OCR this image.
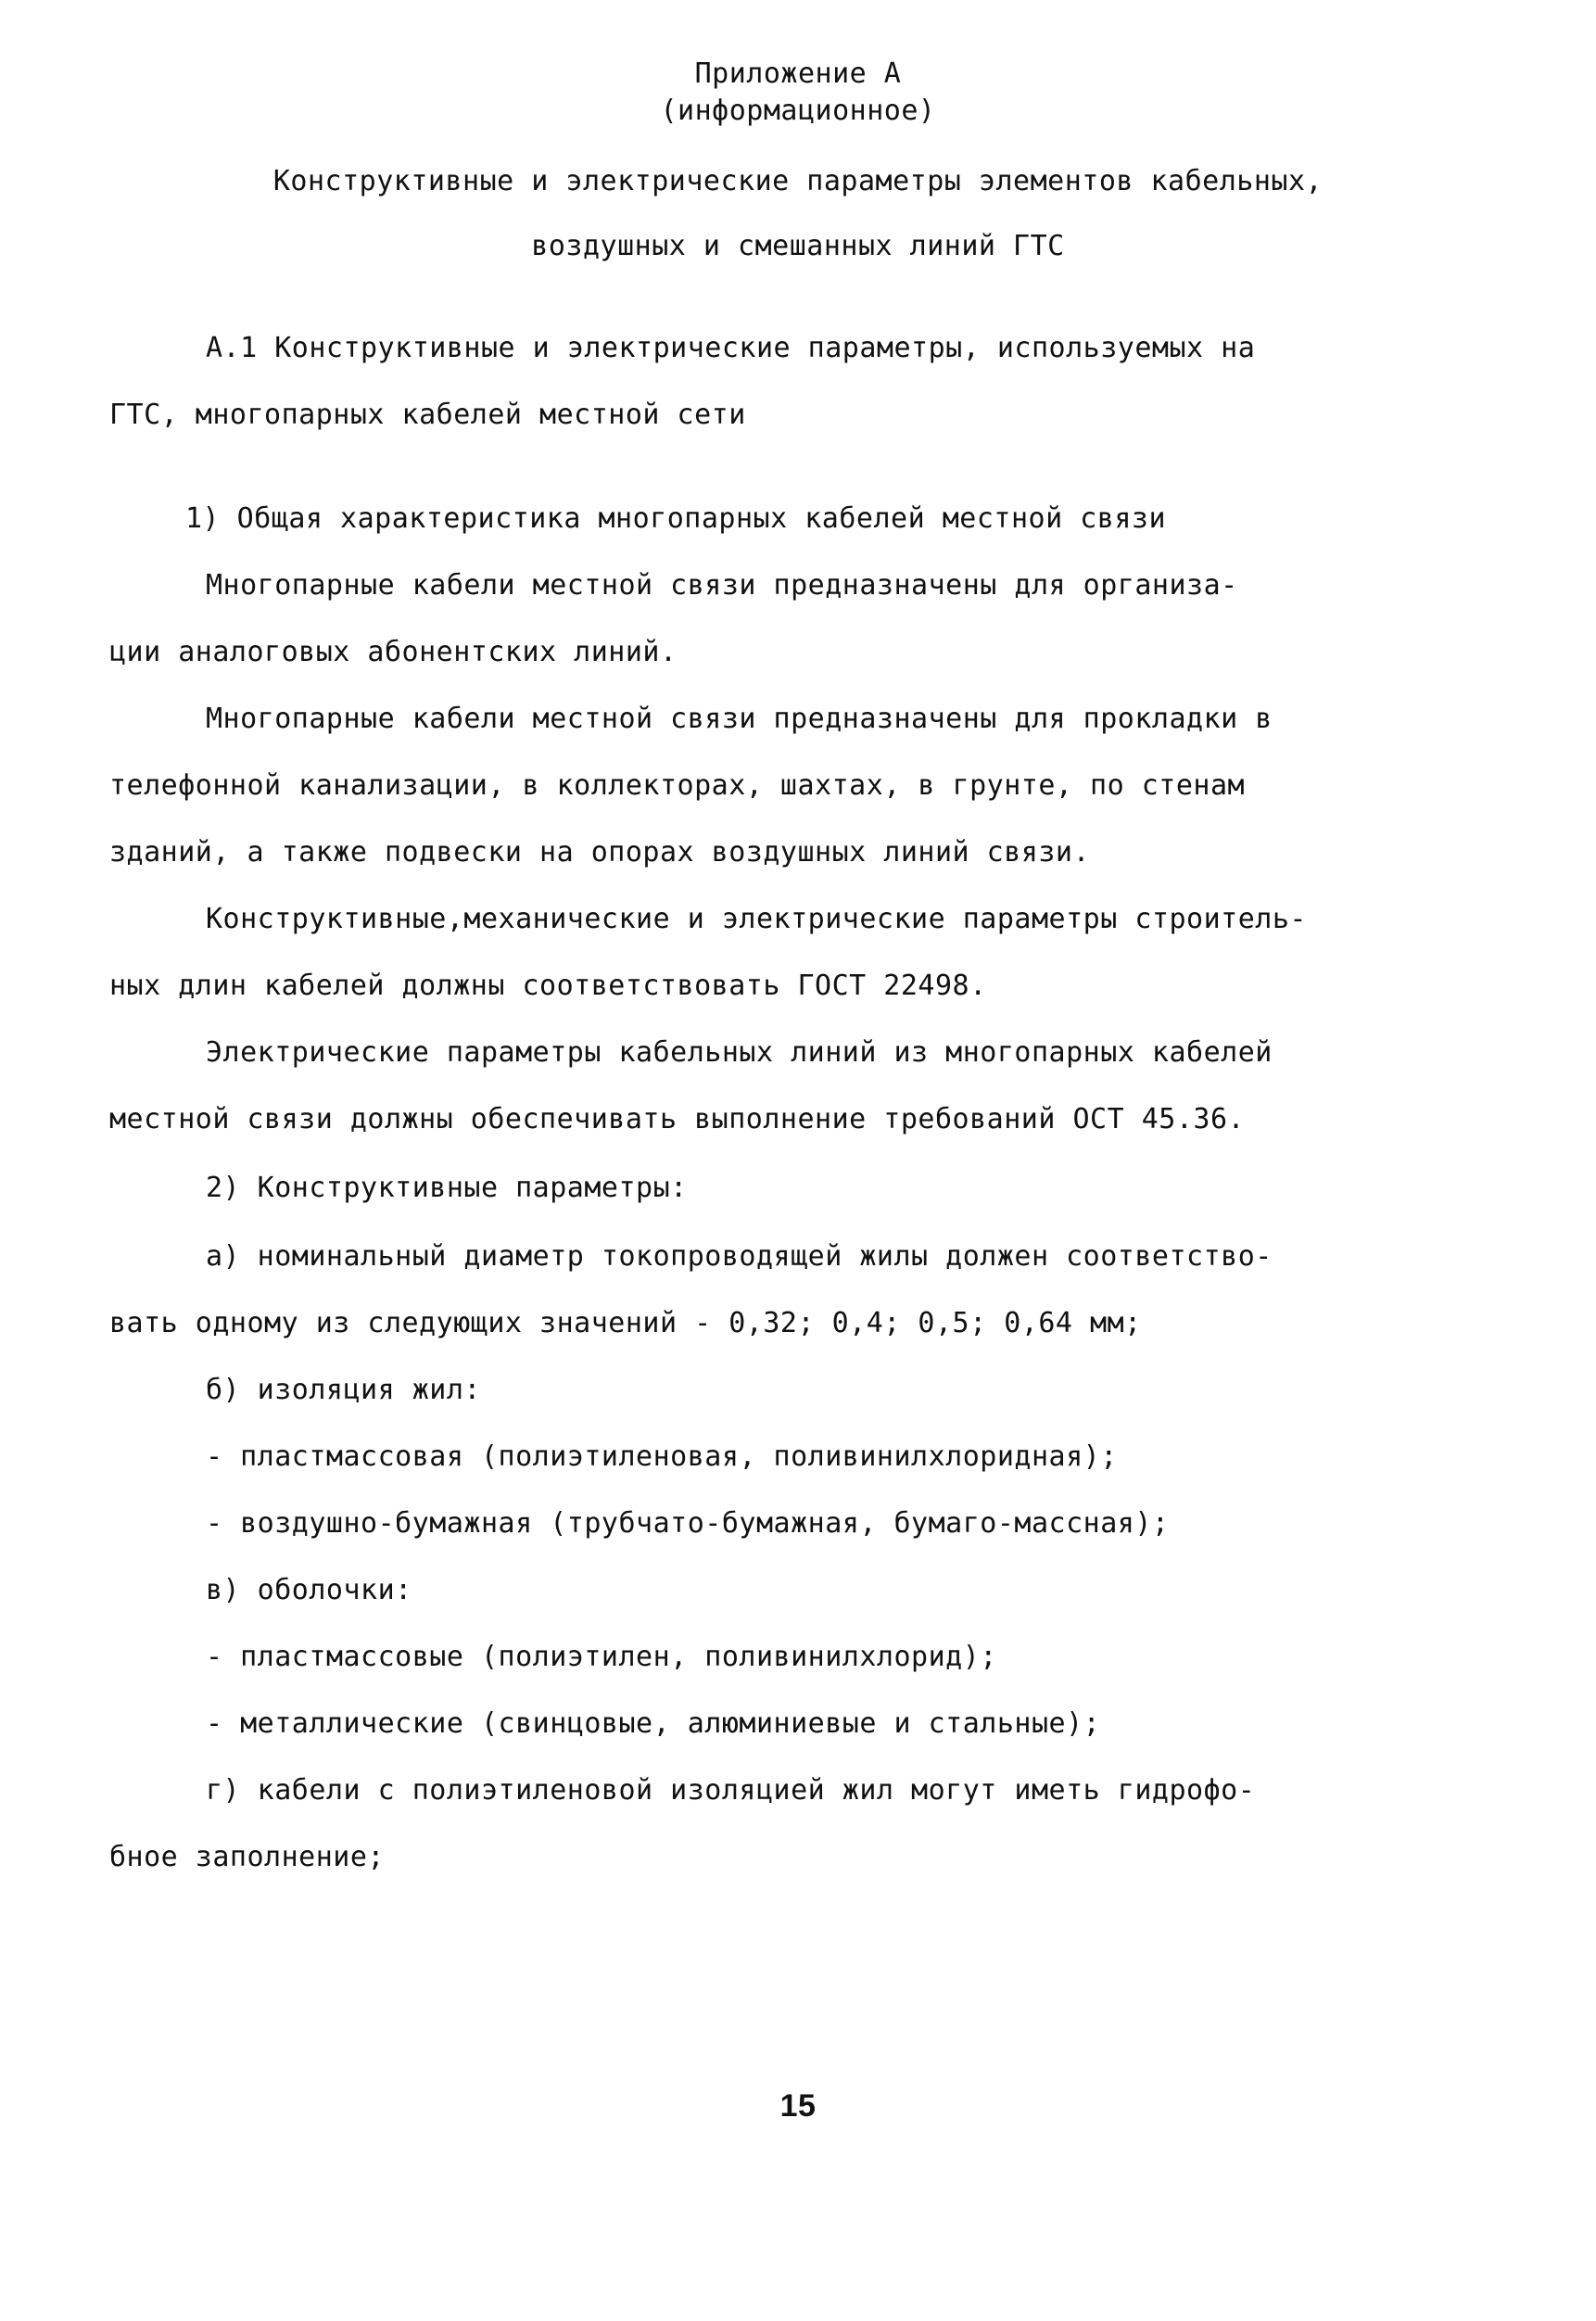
Приложение А
(информационное)
Конструктивные и электрические параметры элементов кабельных,
воздушных и смешанных линий ГТС
А.1 Конструктивные и электрические параметры, используемых на
ГТС, многопарных кабелей местной сети
1) Общая характеристика многопарных кабелей местной связи
Многопарные кабели местной связи предназначены для организа-
ции аналоговых абонентских линий.
Многопарные кабели местной связи предназначены для прокладки в
телефонной канализации, в коллекторах, шахтах, в грунте, по стенам
зданий, а также подвески на опорах воздушных линий связи.
Конструктивные,механические и электрические параметры строитель-
ных длин кабелей должны соответствовать ГОСТ 22498.
Электрические параметры кабельных линий из многопарных кабелей
местной связи должны обеспечивать выполнение требований ОСТ 45.36.
2) Конструктивные параметры:
а) номинальный диаметр токопроводящей жилы должен соответство-
вать одному из следующих значений - 0,32; 0,4; 0,5; 0,64 мм;
б) изоляция жил:
- пластмассовая (полиэтиленовая, поливинилхлоридная);
- воздушно-бумажная (трубчато-бумажная, бумаго-массная);
в) оболочки:
- пластмассовые (полиэтилен, поливинилхлорид);
- металлические (свинцовые, алюминиевые и стальные);
г) кабели с полиэтиленовой изоляцией жил могут иметь гидрофо-
бное заполнение;
15
